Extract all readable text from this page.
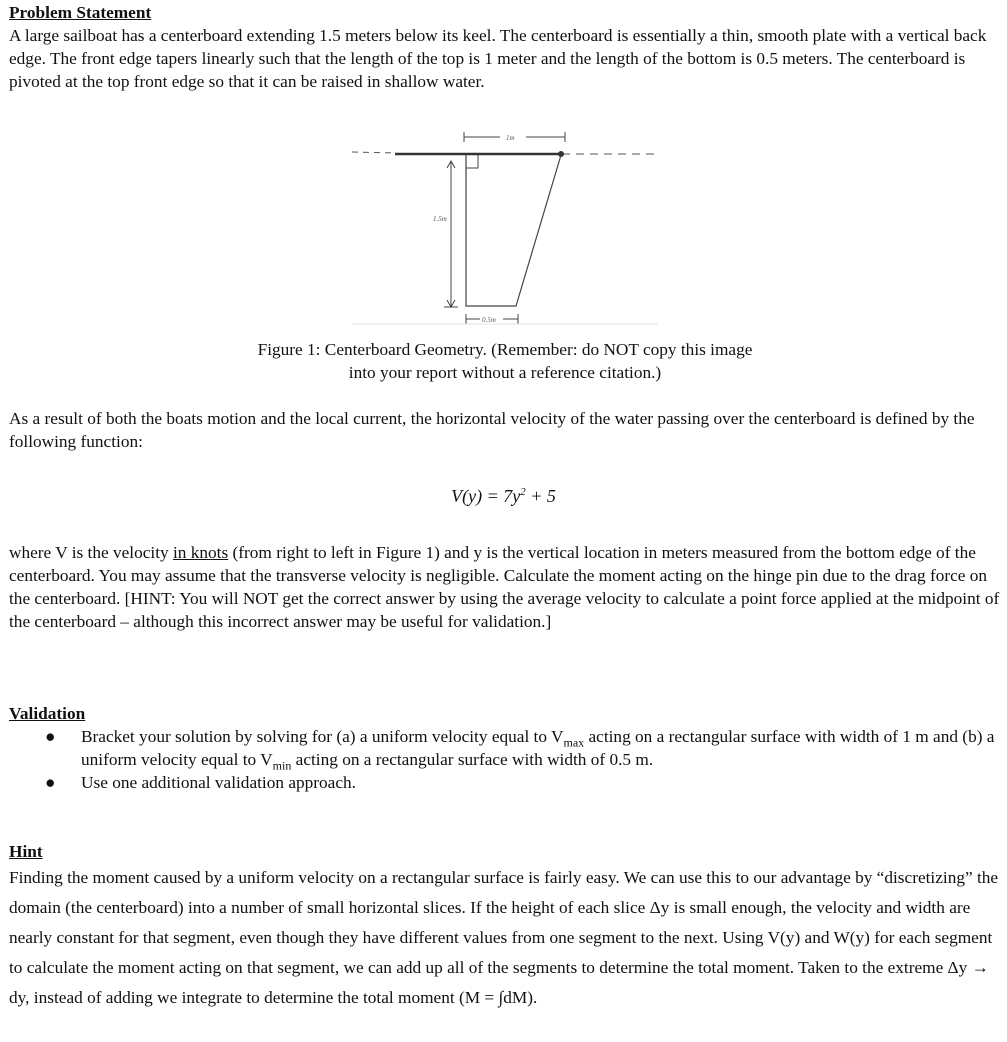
Problem Statement

A large sailboat has a centerboard extending 1.5 meters below its keel. The centerboard is essentially a thin, smooth plate with a vertical back edge. The front edge tapers linearly such that the length of the top is 1 meter and the length of the bottom is 0.5 meters. The centerboard is pivoted at the top front edge so that it can be raised in shallow water.

1m
1.5m
0.5m
Figure 1: Centerboard Geometry. (Remember: do NOT copy this image
into your report without a reference citation.)

As a result of both the boats motion and the local current, the horizontal velocity of the water passing over the centerboard is defined by the following function:

$V(y) = 7y^2 + 5$

where V is the velocity in knots (from right to left in Figure 1) and y is the vertical location in meters measured from the bottom edge of the centerboard. You may assume that the transverse velocity is negligible. Calculate the moment acting on the hinge pin due to the drag force on the centerboard. [HINT: You will NOT get the correct answer by using the average velocity to calculate a point force applied at the midpoint of the centerboard – although this incorrect answer may be useful for validation.]

Validation
● Bracket your solution by solving for (a) a uniform velocity equal to $V_{max}$ acting on a rectangular surface with width of 1 m and (b) a uniform velocity equal to $V_{min}$ acting on a rectangular surface with width of 0.5 m.
● Use one additional validation approach.
Hint

Finding the moment caused by a uniform velocity on a rectangular surface is fairly easy. We can use this to our advantage by “discretizing” the domain (the centerboard) into a number of small horizontal slices. If the height of each slice Δy is small enough, the velocity and width are nearly constant for that segment, even though they have different values from one segment to the next. Using V(y) and W(y) for each segment to calculate the moment acting on that segment, we can add up all of the segments to determine the total moment. Taken to the extreme Δy → dy, instead of adding we integrate to determine the total moment (M = ∫dM).
